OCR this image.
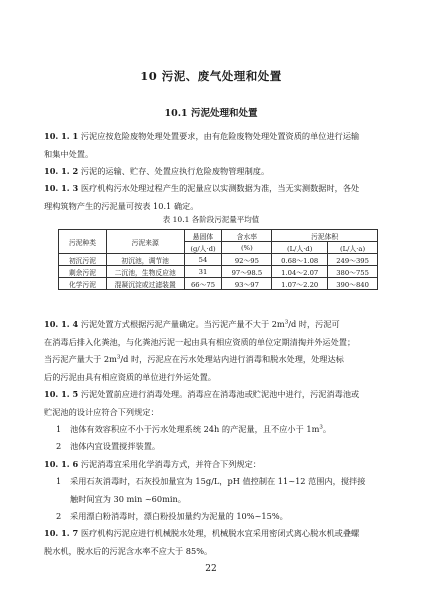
10 污泥、废气处理和处置
10.1 污泥处理和处置
10. 1. 1 污泥应按危险废物处理处置要求，由有危险废物处理处置资质的单位进行运输
和集中处置。
10. 1. 2 污泥的运输、贮存、处置应执行危险废物管理制度。
10. 1. 3 医疗机构污水处理过程产生的泥量应以实测数据为准，当无实测数据时，各处
理构筑物产生的污泥量可按表 10.1 确定。
表 10.1 各阶段污泥量平均值
污泥种类	污泥来源	悬固体	含水率	污泥体积	
		(g/人·d)	(%)	(L/人·d)	(L/人·a)
初沉污泥	初沉池，调节池	54	92～95	0.68～1.08	249～395
剩余污泥	二沉池，生物反应池	31	97～98.5	1.04～2.07	380～755
化学污泥	混凝沉淀或过滤装置	66～75	93～97	1.07～2.20	390～840
10. 1. 4 污泥处置方式根据污泥产量确定。当污泥产量不大于 $2m^3/d$ 时，污泥可
在消毒后排入化粪池，与化粪池污泥一起由具有相应资质的单位定期清掏并外运处置；
当污泥产量大于 $2m^3/d$ 时，污泥应在污水处理站内进行消毒和脱水处理，处理达标
后的污泥由具有相应资质的单位进行外运处置。
10. 1. 5 污泥处置前应进行消毒处理。消毒应在消毒池或贮泥池中进行，污泥消毒池或
贮泥池的设计应符合下列规定：
1 池体有效容积应不小于污水处理系统 24h 的产泥量，且不应小于 $1m^3$。
2 池体内宜设置搅拌装置。
10. 1. 6 污泥消毒宜采用化学消毒方式，并符合下列规定：
1 采用石灰消毒时，石灰投加量宜为 15g/L，pH 值控制在 11~12 范围内，搅拌接
触时间宜为 30 min ~60min。
2 采用漂白粉消毒时，漂白粉投加量约为泥量的 10%~15%。
10. 1. 7 医疗机构污泥应进行机械脱水处理，机械脱水宜采用密闭式离心脱水机或叠螺
脱水机，脱水后的污泥含水率不应大于 85%。
22
